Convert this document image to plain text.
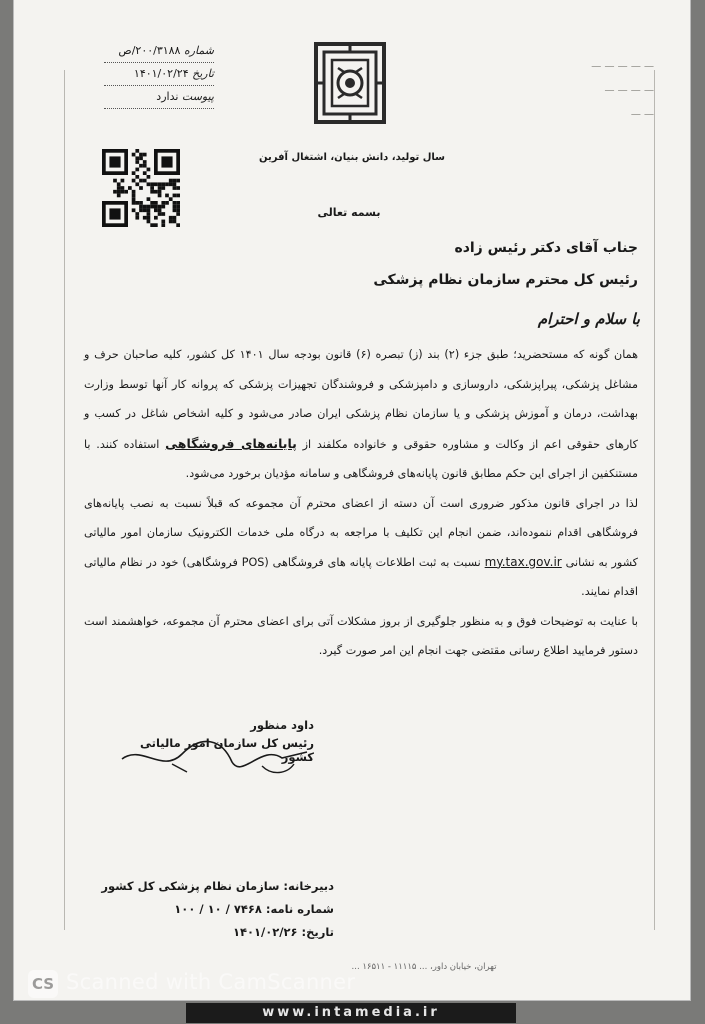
— — — — —
— — — —
— —
سال تولید، دانش بنیان، اشتغال آفرین
بسمه تعالی
شماره ۲۰۰/۳۱۸۸/ص
تاریخ ۱۴۰۱/۰۲/۲۴
پیوست ندارد
جناب آقای دکتر رئیس زاده
رئیس کل محترم سازمان نظام پزشکی
با سلام و احترام

همان گونه که مستحضرید؛ طبق جزء (۲) بند (ز) تبصره (۶) قانون بودجه سال ۱۴۰۱ کل کشور، کلیه صاحبان حرف و مشاغل پزشکی، پیراپزشکی، داروسازی و دامپزشکی و فروشندگان تجهیزات پزشکی که پروانه کار آنها توسط وزارت بهداشت، درمان و آموزش پزشکی و یا سازمان نظام پزشکی ایران صادر می‌شود و کلیه اشخاص شاغل در کسب و کارهای حقوقی اعم از وکالت و مشاوره حقوقی و خانواده مکلفند از پایانه‌های فروشگاهی استفاده کنند. با مستنکفین از اجرای این حکم مطابق قانون پایانه‌های فروشگاهی و سامانه مؤدیان برخورد می‌شود.

لذا در اجرای قانون مذکور ضروری است آن دسته از اعضای محترم آن مجموعه که قبلاً نسبت به نصب پایانه‌های فروشگاهی اقدام ننموده‌اند، ضمن انجام این تکلیف با مراجعه به درگاه ملی خدمات الکترونیک سازمان امور مالیاتی کشور به نشانی my.tax.gov.ir نسبت به ثبت اطلاعات پایانه های فروشگاهی (POS فروشگاهی) خود در نظام مالیاتی اقدام نمایند.

با عنایت به توضیحات فوق و به منظور جلوگیری از بروز مشکلات آتی برای اعضای محترم آن مجموعه، خواهشمند است دستور فرمایید اطلاع رسانی مقتضی جهت انجام این امر صورت گیرد.

داود منظور
رئیس کل سازمان امور مالیاتی کشور
دبیرخانه: سازمان نظام پزشکی کل کشور
شماره نامه: ۷۴۶۸ / ۱۰ / ۱۰۰
تاریخ: ۱۴۰۱/۰۲/۲۶
تهران، خیابان داور، ... ۱۱۱۱۵ - ۱۶۵۱۱ ...
CS Scanned with CamScanner
www.intamedia.ir
